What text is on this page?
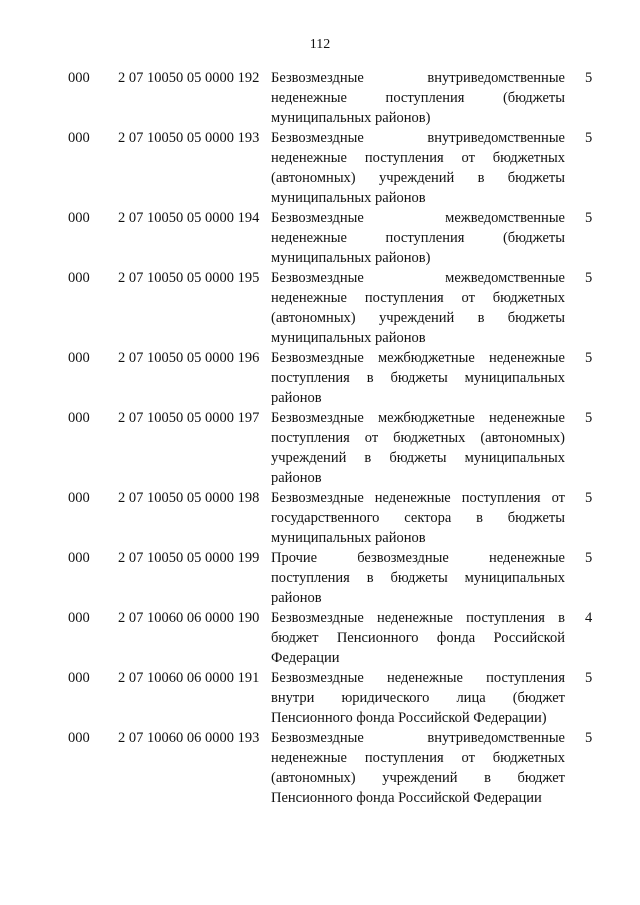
112
000 2 07 10050 05 0000 192 Безвозмездные внутриведомственные неденежные поступления (бюджеты муниципальных районов)
5
000 2 07 10050 05 0000 193 Безвозмездные внутриведомственные неденежные поступления от бюджетных (автономных) учреждений в бюджеты муниципальных районов
5
000 2 07 10050 05 0000 194 Безвозмездные межведомственные неденежные поступления (бюджеты муниципальных районов)
5
000 2 07 10050 05 0000 195 Безвозмездные межведомственные неденежные поступления от бюджетных (автономных) учреждений в бюджеты муниципальных районов
5
000 2 07 10050 05 0000 196 Безвозмездные межбюджетные неденежные поступления в бюджеты муниципальных районов
5
000 2 07 10050 05 0000 197 Безвозмездные межбюджетные неденежные поступления от бюджетных (автономных) учреждений в бюджеты муниципальных районов
5
000 2 07 10050 05 0000 198 Безвозмездные неденежные поступления от государственного сектора в бюджеты муниципальных районов
5
000 2 07 10050 05 0000 199 Прочие безвозмездные неденежные поступления в бюджеты муниципальных районов
5
000 2 07 10060 06 0000 190 Безвозмездные неденежные поступления в бюджет Пенсионного фонда Российской Федерации
4
000 2 07 10060 06 0000 191 Безвозмездные неденежные поступления внутри юридического лица (бюджет Пенсионного фонда Российской Федерации)
5
000 2 07 10060 06 0000 193 Безвозмездные внутриведомственные неденежные поступления от бюджетных (автономных) учреждений в бюджет Пенсионного фонда Российской Федерации
5
